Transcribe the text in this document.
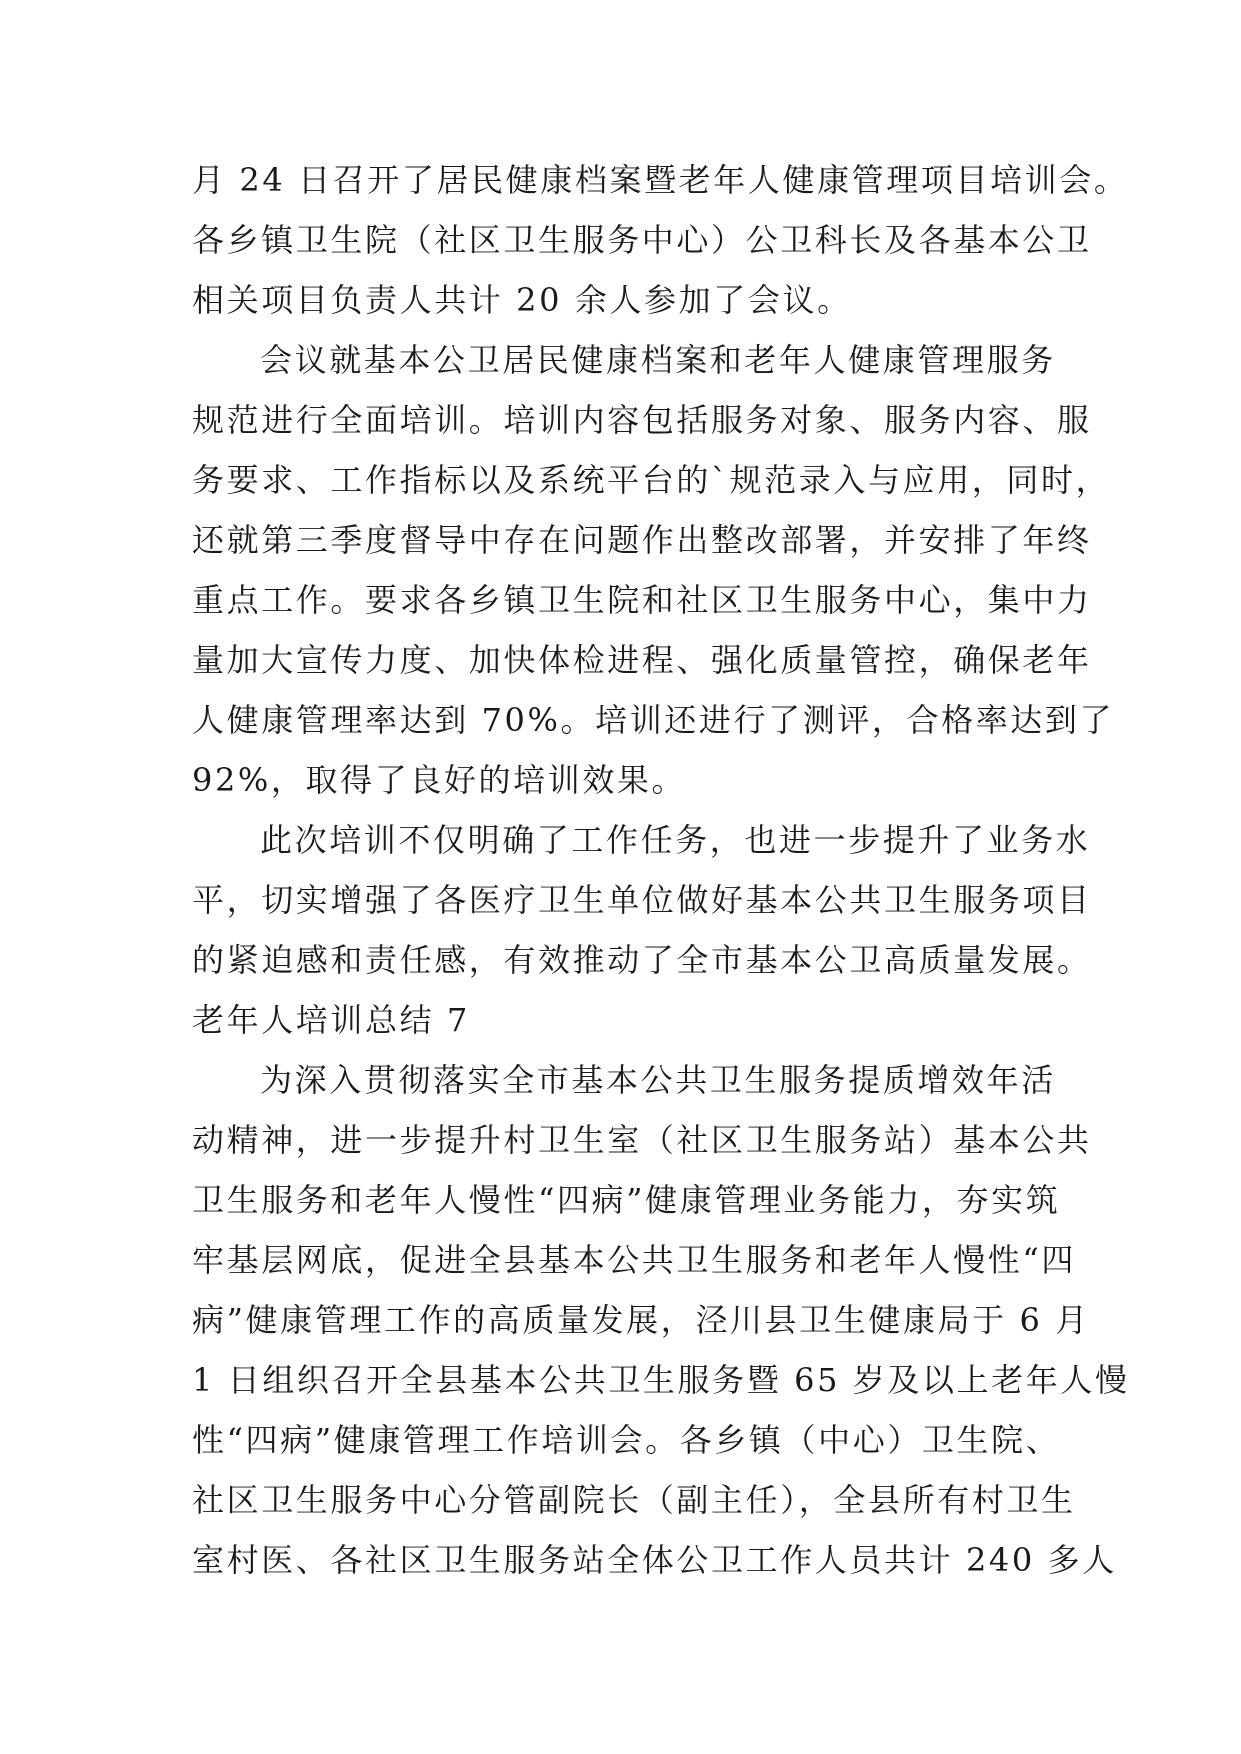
月 24 日召开了居民健康档案暨老年人健康管理项目培训会。
各乡镇卫生院（社区卫生服务中心）公卫科长及各基本公卫
相关项目负责人共计 20 余人参加了会议。

会议就基本公卫居民健康档案和老年人健康管理服务
规范进行全面培训。培训内容包括服务对象、服务内容、服
务要求、工作指标以及系统平台的`规范录入与应用，同时，
还就第三季度督导中存在问题作出整改部署，并安排了年终
重点工作。要求各乡镇卫生院和社区卫生服务中心，集中力
量加大宣传力度、加快体检进程、强化质量管控，确保老年
人健康管理率达到 70%。培训还进行了测评，合格率达到了
92%，取得了良好的培训效果。

此次培训不仅明确了工作任务，也进一步提升了业务水
平，切实增强了各医疗卫生单位做好基本公共卫生服务项目
的紧迫感和责任感，有效推动了全市基本公卫高质量发展。

老年人培训总结 7

为深入贯彻落实全市基本公共卫生服务提质增效年活
动精神，进一步提升村卫生室（社区卫生服务站）基本公共
卫生服务和老年人慢性“四病”健康管理业务能力，夯实筑
牢基层网底，促进全县基本公共卫生服务和老年人慢性“四
病”健康管理工作的高质量发展，泾川县卫生健康局于 6 月
1 日组织召开全县基本公共卫生服务暨 65 岁及以上老年人慢
性“四病”健康管理工作培训会。各乡镇（中心）卫生院、
社区卫生服务中心分管副院长（副主任），全县所有村卫生
室村医、各社区卫生服务站全体公卫工作人员共计 240 多人
